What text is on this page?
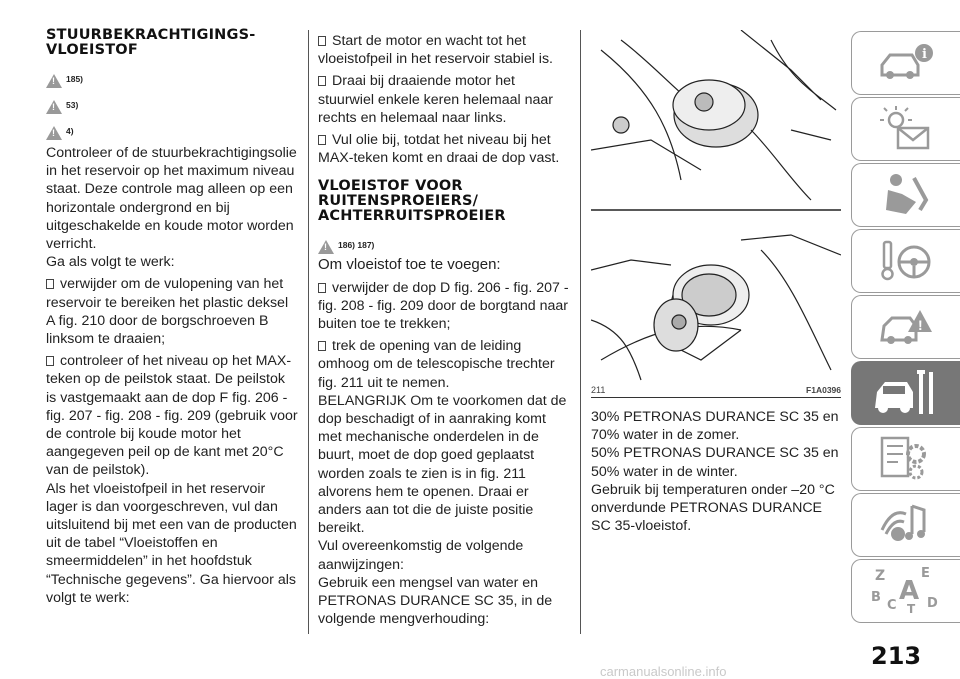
STUURBEKRACHTIGINGS-
VLOEISTOF
! 185)
! 53)
! 4)

Controleer of de stuurbekrachtigingsolie in het reservoir op het maximum niveau staat. Deze controle mag alleen op een horizontale ondergrond en bij uitgeschakelde en koude motor worden verricht.

Ga als volgt te werk:

verwijder om de vulopening van het reservoir te bereiken het plastic deksel A fig. 210 door de borgschroeven B linksom te draaien;

controleer of het niveau op het MAX-teken op de peilstok staat. De peilstok is vastgemaakt aan de dop F fig. 206 - fig. 207 - fig. 208 - fig. 209 (gebruik voor de controle bij koude motor het aangegeven peil op de kant met 20°C van de peilstok).

Als het vloeistofpeil in het reservoir lager is dan voorgeschreven, vul dan uitsluitend bij met een van de producten uit de tabel “Vloeistoffen en smeermiddelen” in het hoofdstuk “Technische gegevens”. Ga hiervoor als volgt te werk:

Start de motor en wacht tot het vloeistofpeil in het reservoir stabiel is.

Draai bij draaiende motor het stuurwiel enkele keren helemaal naar rechts en helemaal naar links.

Vul olie bij, totdat het niveau bij het MAX-teken komt en draai de dop vast.

VLOEISTOF VOOR
RUITENSPROEIERS/
ACHTERRUITSPROEIER
! 186) 187)

Om vloeistof toe te voegen:

verwijder de dop D fig. 206 - fig. 207 - fig. 208 - fig. 209 door de borgtand naar buiten toe te trekken;

trek de opening van de leiding omhoog om de telescopische trechter fig. 211 uit te nemen.

BELANGRIJK Om te voorkomen dat de dop beschadigt of in aanraking komt met mechanische onderdelen in de buurt, moet de dop goed geplaatst worden zoals te zien is in fig. 211 alvorens hem te openen. Draai er anders aan tot die de juiste positie bereikt.

Vul overeenkomstig de volgende aanwijzingen:

Gebruik een mengsel van water en PETRONAS DURANCE SC 35, in de volgende mengverhouding:

211	F1A0396

30% PETRONAS DURANCE SC 35 en 70% water in de zomer.

50% PETRONAS DURANCE SC 35 en 50% water in de winter.

Gebruik bij temperaturen onder –20 °C onverdunde PETRONAS DURANCE SC 35-vloeistof.

i
!
Z	E
A
B
C T D
213
carmanualsonline.info
